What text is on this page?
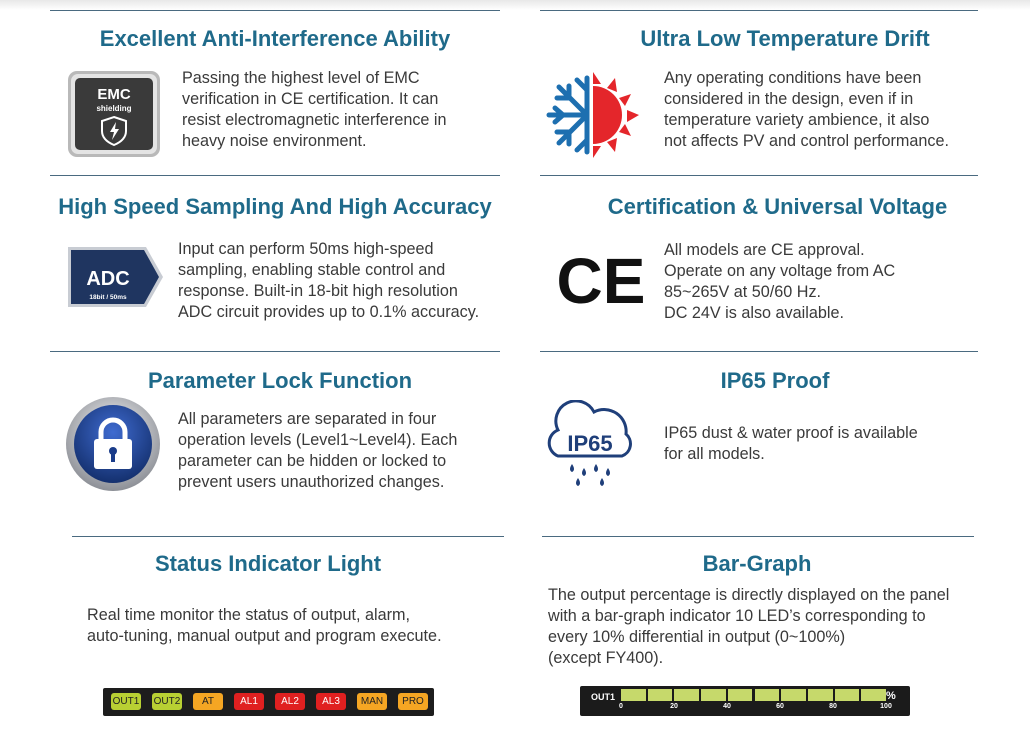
Excellent Anti-Interference Ability
EMC
shielding
Passing the highest level of EMC
verification in CE certification. It can
resist electromagnetic interference in
heavy noise environment.
Ultra Low Temperature Drift
Any operating conditions have been
considered in the design, even if in
temperature variety ambience, it also
not affects PV and control performance.
High Speed Sampling And High Accuracy
ADC
18bit / 50ms
Input can perform 50ms high-speed
sampling, enabling stable control and
response. Built-in 18-bit high resolution
ADC circuit provides up to 0.1% accuracy.
Certification & Universal Voltage
CE All models are CE approval.
Operate on any voltage from AC
85~265V at 50/60 Hz.
DC 24V is also available.
Parameter Lock Function
All parameters are separated in four
operation levels (Level1~Level4). Each
parameter can be hidden or locked to
prevent users unauthorized changes.
IP65 Proof
IP65	IP65 dust & water proof is available
for all models.
Status Indicator Light
Real time monitor the status of output, alarm,
auto-tuning, manual output and program execute.
OUT1 OUT2	AT	AL1	AL2	AL3	MAN	PRO
Bar-Graph
The output percentage is directly displayed on the panel
with a bar-graph indicator 10 LED’s corresponding to
every 10% differential in output (0~100%)
(except FY400).
OUT1	%
0	20	40	60	80	100
